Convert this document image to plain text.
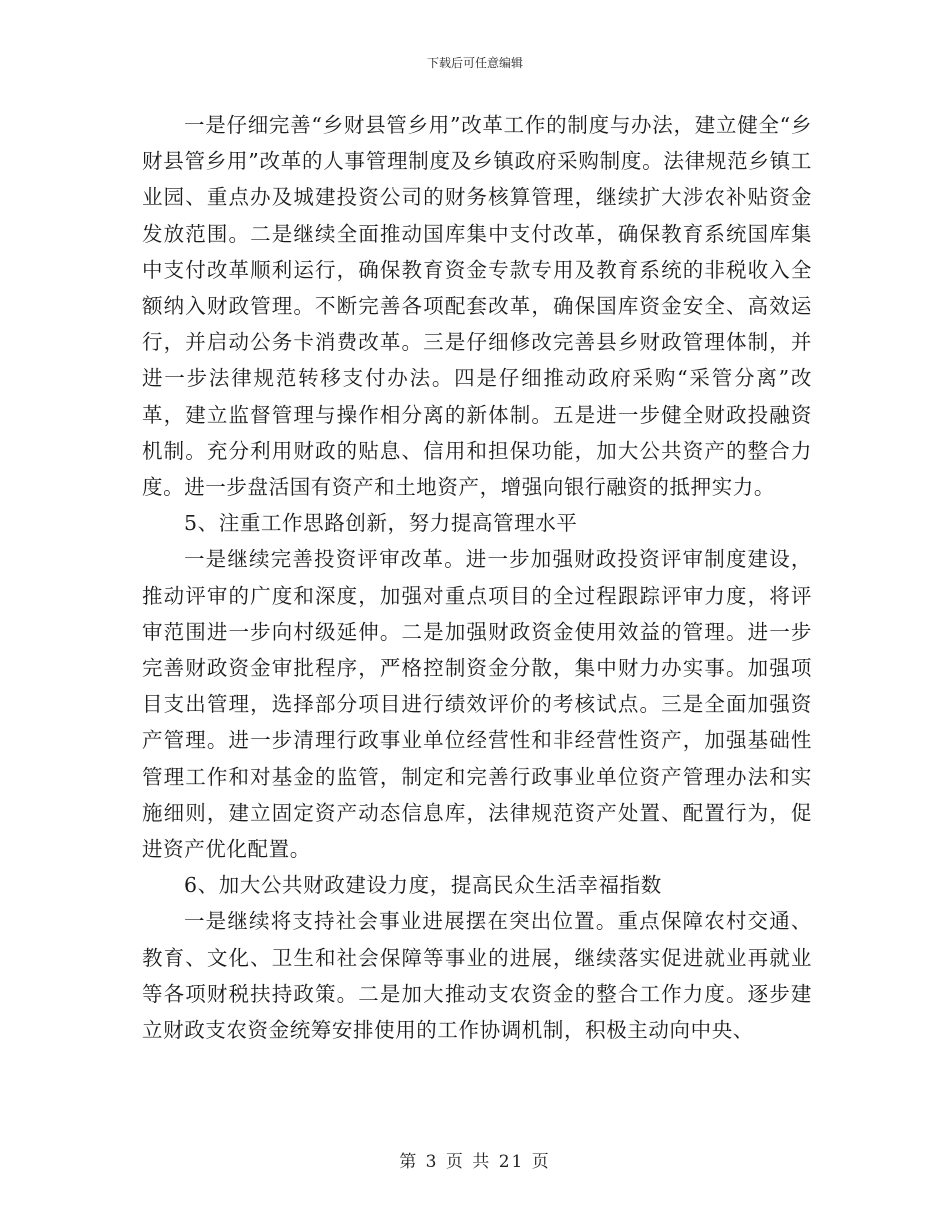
下载后可任意编辑

一是仔细完善“乡财县管乡用”改革工作的制度与办法，建立健全“乡财县管乡用”改革的人事管理制度及乡镇政府采购制度。法律规范乡镇工业园、重点办及城建投资公司的财务核算管理，继续扩大涉农补贴资金发放范围。二是继续全面推动国库集中支付改革，确保教育系统国库集中支付改革顺利运行，确保教育资金专款专用及教育系统的非税收入全额纳入财政管理。不断完善各项配套改革，确保国库资金安全、高效运行，并启动公务卡消费改革。三是仔细修改完善县乡财政管理体制，并进一步法律规范转移支付办法。四是仔细推动政府采购“采管分离”改革，建立监督管理与操作相分离的新体制。五是进一步健全财政投融资机制。充分利用财政的贴息、信用和担保功能，加大公共资产的整合力度。进一步盘活国有资产和土地资产，增强向银行融资的抵押实力。

5、注重工作思路创新，努力提高管理水平

一是继续完善投资评审改革。进一步加强财政投资评审制度建设，推动评审的广度和深度，加强对重点项目的全过程跟踪评审力度，将评审范围进一步向村级延伸。二是加强财政资金使用效益的管理。进一步完善财政资金审批程序，严格控制资金分散，集中财力办实事。加强项目支出管理，选择部分项目进行绩效评价的考核试点。三是全面加强资产管理。进一步清理行政事业单位经营性和非经营性资产，加强基础性管理工作和对基金的监管，制定和完善行政事业单位资产管理办法和实施细则，建立固定资产动态信息库，法律规范资产处置、配置行为，促进资产优化配置。

6、加大公共财政建设力度，提高民众生活幸福指数

一是继续将支持社会事业进展摆在突出位置。重点保障农村交通、教育、文化、卫生和社会保障等事业的进展，继续落实促进就业再就业等各项财税扶持政策。二是加大推动支农资金的整合工作力度。逐步建立财政支农资金统筹安排使用的工作协调机制，积极主动向中央、

第 3 页 共 21 页
